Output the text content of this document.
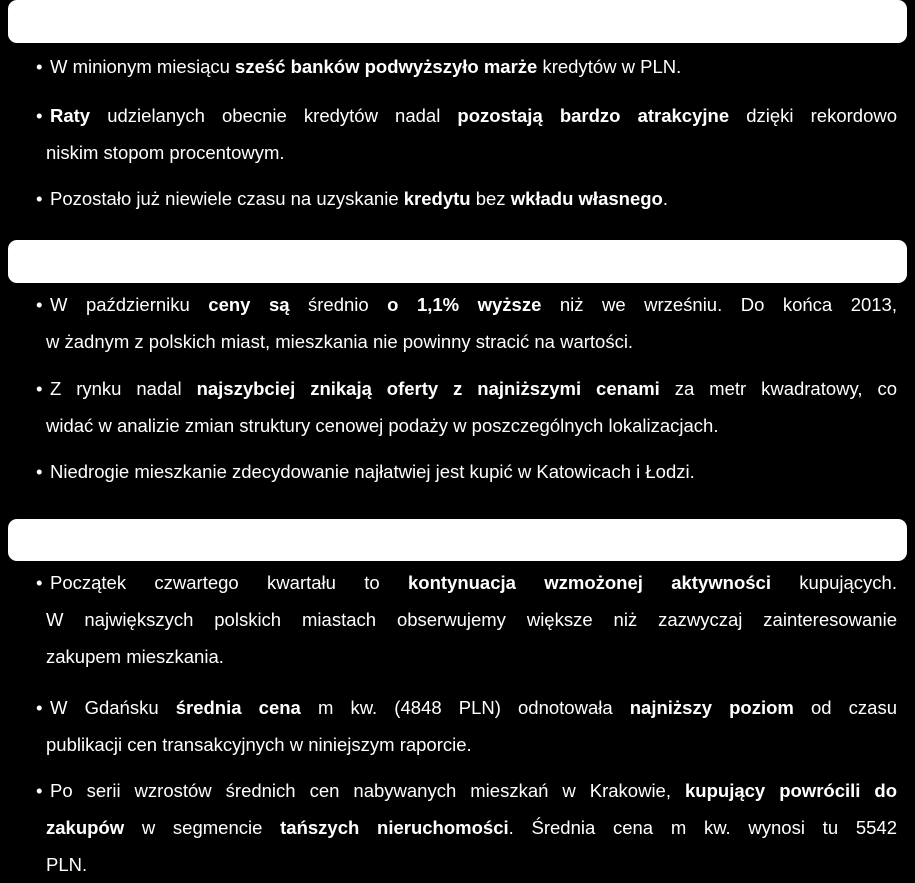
• W minionym miesiącu sześć banków podwyższyło marże kredytów w PLN.
• Raty udzielanych obecnie kredytów nadal pozostają bardzo atrakcyjne dzięki rekordowo
niskim stopom procentowym.
• Pozostało już niewiele czasu na uzyskanie kredytu bez wkładu własnego.
• W październiku ceny są średnio o 1,1% wyższe niż we wrześniu. Do końca 2013,
w żadnym z polskich miast, mieszkania nie powinny stracić na wartości.
• Z rynku nadal najszybciej znikają oferty z najniższymi cenami za metr kwadratowy, co
widać w analizie zmian struktury cenowej podaży w poszczególnych lokalizacjach.
• Niedrogie mieszkanie zdecydowanie najłatwiej jest kupić w Katowicach i Łodzi.
• Początek czwartego kwartału to kontynuacja wzmożonej aktywności kupujących.
W największych polskich miastach obserwujemy większe niż zazwyczaj zainteresowanie
zakupem mieszkania.
• W Gdańsku średnia cena m kw. (4848 PLN) odnotowała najniższy poziom od czasu
publikacji cen transakcyjnych w niniejszym raporcie.
• Po serii wzrostów średnich cen nabywanych mieszkań w Krakowie, kupujący powrócili do
zakupów w segmencie tańszych nieruchomości. Średnia cena m kw. wynosi tu 5542
PLN.
